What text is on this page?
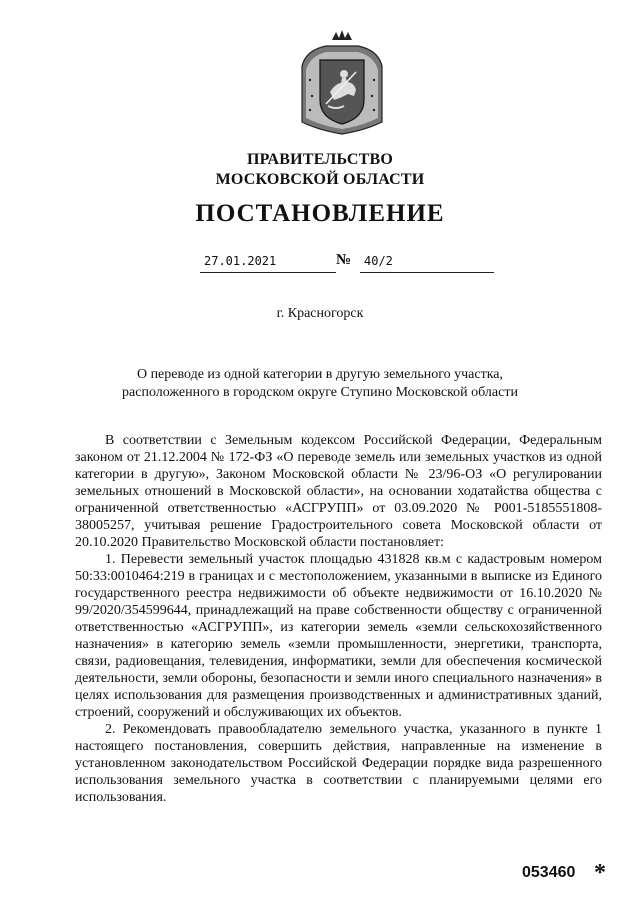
ПРАВИТЕЛЬСТВО
МОСКОВСКОЙ ОБЛАСТИ
ПОСТАНОВЛЕНИЕ
27.01.2021	№	40/2
г. Красногорск
О переводе из одной категории в другую земельного участка,
расположенного в городском округе Ступино Московской области

В соответствии с Земельным кодексом Российской Федерации, Федеральным законом от 21.12.2004 № 172-ФЗ «О переводе земель или земельных участков из одной категории в другую», Законом Московской области № 23/96-ОЗ «О регулировании земельных отношений в Московской области», на основании ходатайства общества с ограниченной ответственностью «АСГРУПП» от 03.09.2020 № Р001-5185551808-38005257, учитывая решение Градостроительного совета Московской области от 20.10.2020 Правительство Московской области постановляет:

1. Перевести земельный участок площадью 431828 кв.м с кадастровым номером 50:33:0010464:219 в границах и с местоположением, указанными в выписке из Единого государственного реестра недвижимости об объекте недвижимости от 16.10.2020 № 99/2020/354599644, принадлежащий на праве собственности обществу с ограниченной ответственностью «АСГРУПП», из категории земель «земли сельскохозяйственного назначения» в категорию земель «земли промышленности, энергетики, транспорта, связи, радиовещания, телевидения, информатики, земли для обеспечения космической деятельности, земли обороны, безопасности и земли иного специального назначения» в целях использования для размещения производственных и административных зданий, строений, сооружений и обслуживающих их объектов.

2. Рекомендовать правообладателю земельного участка, указанного в пункте 1 настоящего постановления, совершить действия, направленные на изменение в установленном законодательством Российской Федерации порядке вида разрешенного использования земельного участка в соответствии с планируемыми целями его использования.

053460 *
